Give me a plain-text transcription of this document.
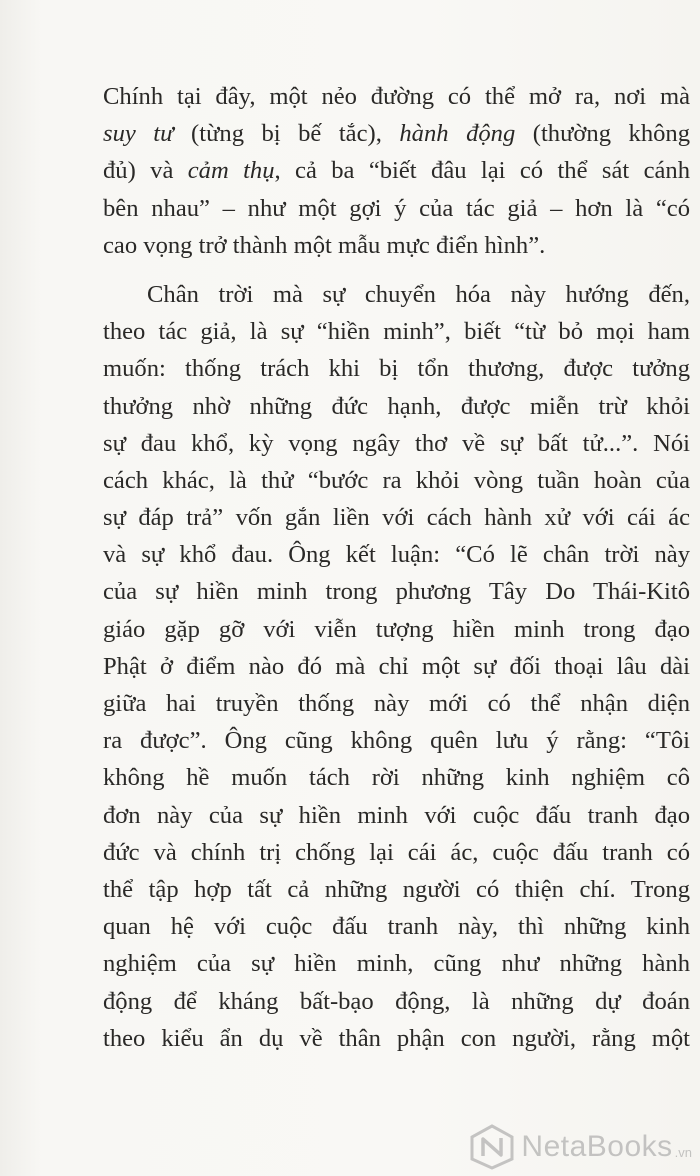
Chính tại đây, một nẻo đường có thể mở ra, nơi mà
suy tư (từng bị bế tắc), hành động (thường không
đủ) và cảm thụ, cả ba “biết đâu lại có thể sát cánh
bên nhau” – như một gợi ý của tác giả – hơn là “có
cao vọng trở thành một mẫu mực điển hình”.
Chân trời mà sự chuyển hóa này hướng đến,
theo tác giả, là sự “hiền minh”, biết “từ bỏ mọi ham
muốn: thống trách khi bị tổn thương, được tưởng
thưởng nhờ những đức hạnh, được miễn trừ khỏi
sự đau khổ, kỳ vọng ngây thơ về sự bất tử...”. Nói
cách khác, là thử “bước ra khỏi vòng tuần hoàn của
sự đáp trả” vốn gắn liền với cách hành xử với cái ác
và sự khổ đau. Ông kết luận: “Có lẽ chân trời này
của sự hiền minh trong phương Tây Do Thái-Kitô
giáo gặp gỡ với viễn tượng hiền minh trong đạo
Phật ở điểm nào đó mà chỉ một sự đối thoại lâu dài
giữa hai truyền thống này mới có thể nhận diện
ra được”. Ông cũng không quên lưu ý rằng: “Tôi
không hề muốn tách rời những kinh nghiệm cô
đơn này của sự hiền minh với cuộc đấu tranh đạo
đức và chính trị chống lại cái ác, cuộc đấu tranh có
thể tập hợp tất cả những người có thiện chí. Trong
quan hệ với cuộc đấu tranh này, thì những kinh
nghiệm của sự hiền minh, cũng như những hành
động để kháng bất-bạo động, là những dự đoán
theo kiểu ẩn dụ về thân phận con người, rằng một
NetaBooks .vn
